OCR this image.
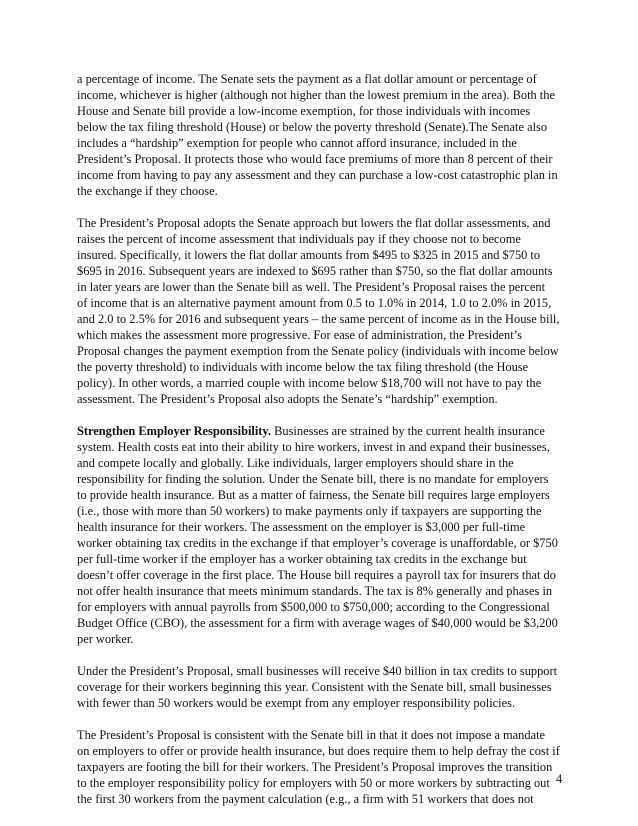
a percentage of income. The Senate sets the payment as a flat dollar amount or percentage of
income, whichever is higher (although not higher than the lowest premium in the area). Both the
House and Senate bill provide a low-income exemption, for those individuals with incomes
below the tax filing threshold (House) or below the poverty threshold (Senate).The Senate also
includes a “hardship” exemption for people who cannot afford insurance, included in the
President’s Proposal. It protects those who would face premiums of more than 8 percent of their
income from having to pay any assessment and they can purchase a low-cost catastrophic plan in
the exchange if they choose.
The President’s Proposal adopts the Senate approach but lowers the flat dollar assessments, and
raises the percent of income assessment that individuals pay if they choose not to become
insured. Specifically, it lowers the flat dollar amounts from $495 to $325 in 2015 and $750 to
$695 in 2016. Subsequent years are indexed to $695 rather than $750, so the flat dollar amounts
in later years are lower than the Senate bill as well. The President’s Proposal raises the percent
of income that is an alternative payment amount from 0.5 to 1.0% in 2014, 1.0 to 2.0% in 2015,
and 2.0 to 2.5% for 2016 and subsequent years – the same percent of income as in the House bill,
which makes the assessment more progressive. For ease of administration, the President’s
Proposal changes the payment exemption from the Senate policy (individuals with income below
the poverty threshold) to individuals with income below the tax filing threshold (the House
policy). In other words, a married couple with income below $18,700 will not have to pay the
assessment. The President’s Proposal also adopts the Senate’s “hardship” exemption.
Strengthen Employer Responsibility. Businesses are strained by the current health insurance
system. Health costs eat into their ability to hire workers, invest in and expand their businesses,
and compete locally and globally. Like individuals, larger employers should share in the
responsibility for finding the solution. Under the Senate bill, there is no mandate for employers
to provide health insurance. But as a matter of fairness, the Senate bill requires large employers
(i.e., those with more than 50 workers) to make payments only if taxpayers are supporting the
health insurance for their workers. The assessment on the employer is $3,000 per full-time
worker obtaining tax credits in the exchange if that employer’s coverage is unaffordable, or $750
per full-time worker if the employer has a worker obtaining tax credits in the exchange but
doesn’t offer coverage in the first place. The House bill requires a payroll tax for insurers that do
not offer health insurance that meets minimum standards. The tax is 8% generally and phases in
for employers with annual payrolls from $500,000 to $750,000; according to the Congressional
Budget Office (CBO), the assessment for a firm with average wages of $40,000 would be $3,200
per worker.
Under the President’s Proposal, small businesses will receive $40 billion in tax credits to support
coverage for their workers beginning this year. Consistent with the Senate bill, small businesses
with fewer than 50 workers would be exempt from any employer responsibility policies.
The President’s Proposal is consistent with the Senate bill in that it does not impose a mandate
on employers to offer or provide health insurance, but does require them to help defray the cost if
taxpayers are footing the bill for their workers. The President’s Proposal improves the transition
to the employer responsibility policy for employers with 50 or more workers by subtracting out
the first 30 workers from the payment calculation (e.g., a firm with 51 workers that does not
4
